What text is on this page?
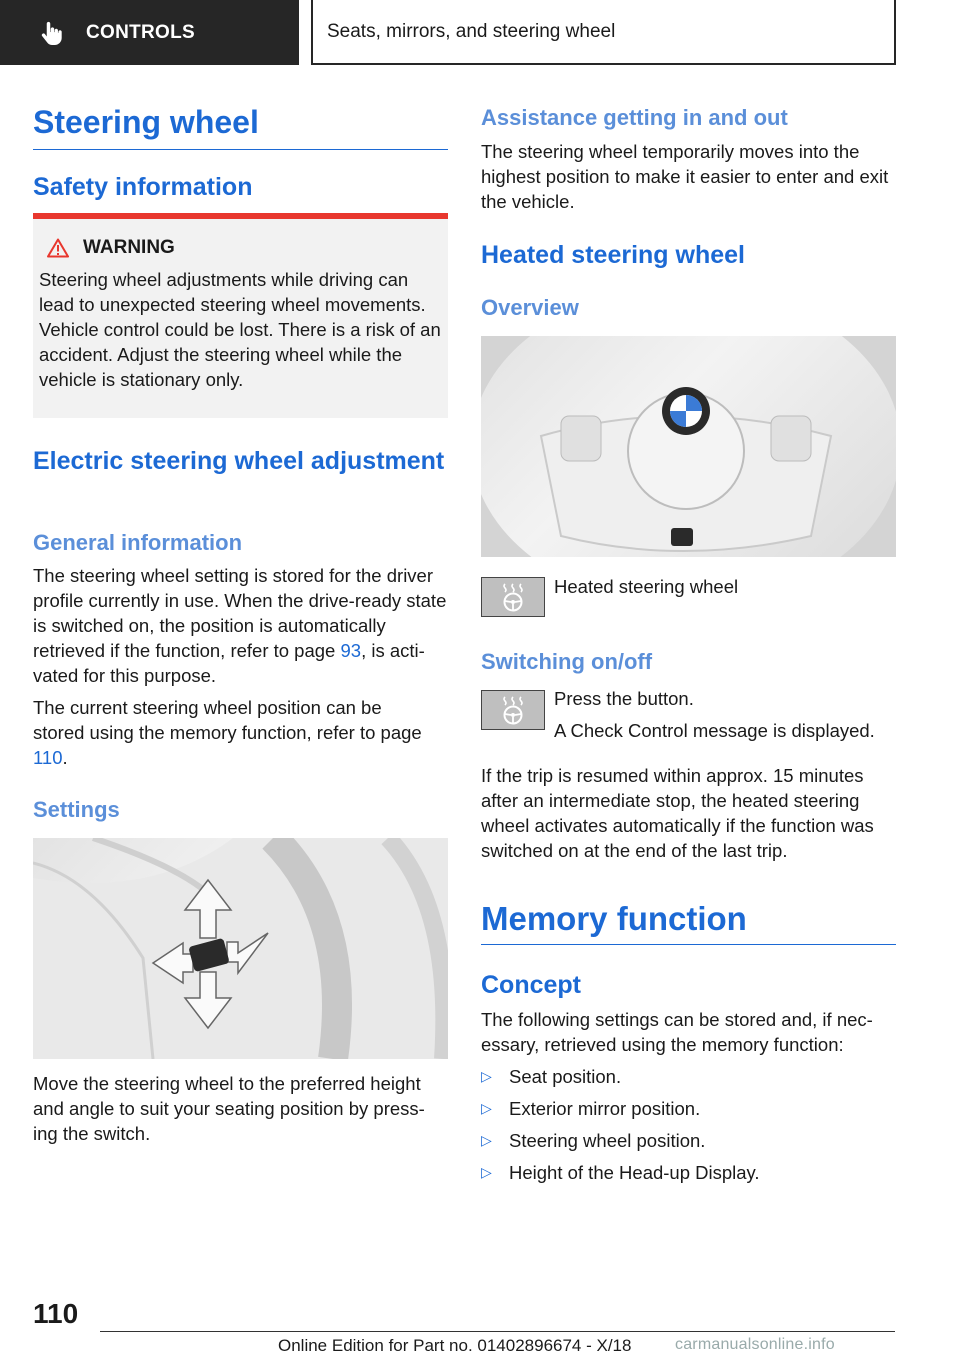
CONTROLS	Seats, mirrors, and steering wheel
Steering wheel
Safety information
WARNING

Steering wheel adjustments while driving can lead to unexpected steering wheel movements. Vehicle control could be lost. There is a risk of an accident. Adjust the steering wheel while the vehicle is stationary only.

Electric steering wheel adjustment
General information

The steering wheel setting is stored for the driver profile currently in use. When the drive-ready state is switched on, the position is automatically retrieved if the function, refer to page 93, is activated for this purpose.

The current steering wheel position can be stored using the memory function, refer to page 110.

Settings

Move the steering wheel to the preferred height and angle to suit your seating position by pressing the switch.

Assistance getting in and out

The steering wheel temporarily moves into the highest position to make it easier to enter and exit the vehicle.

Heated steering wheel
Overview
Heated steering wheel
Switching on/off
Press the button.
A Check Control message is displayed.

If the trip is resumed within approx. 15 minutes after an intermediate stop, the heated steering wheel activates automatically if the function was switched on at the end of the last trip.

Memory function
Concept

The following settings can be stored and, if necessary, retrieved using the memory function:

▷ Seat position.
▷ Exterior mirror position.
▷ Steering wheel position.
▷ Height of the Head-up Display.
110
Online Edition for Part no. 01402896674 - X/18	carmanualsonline.info
